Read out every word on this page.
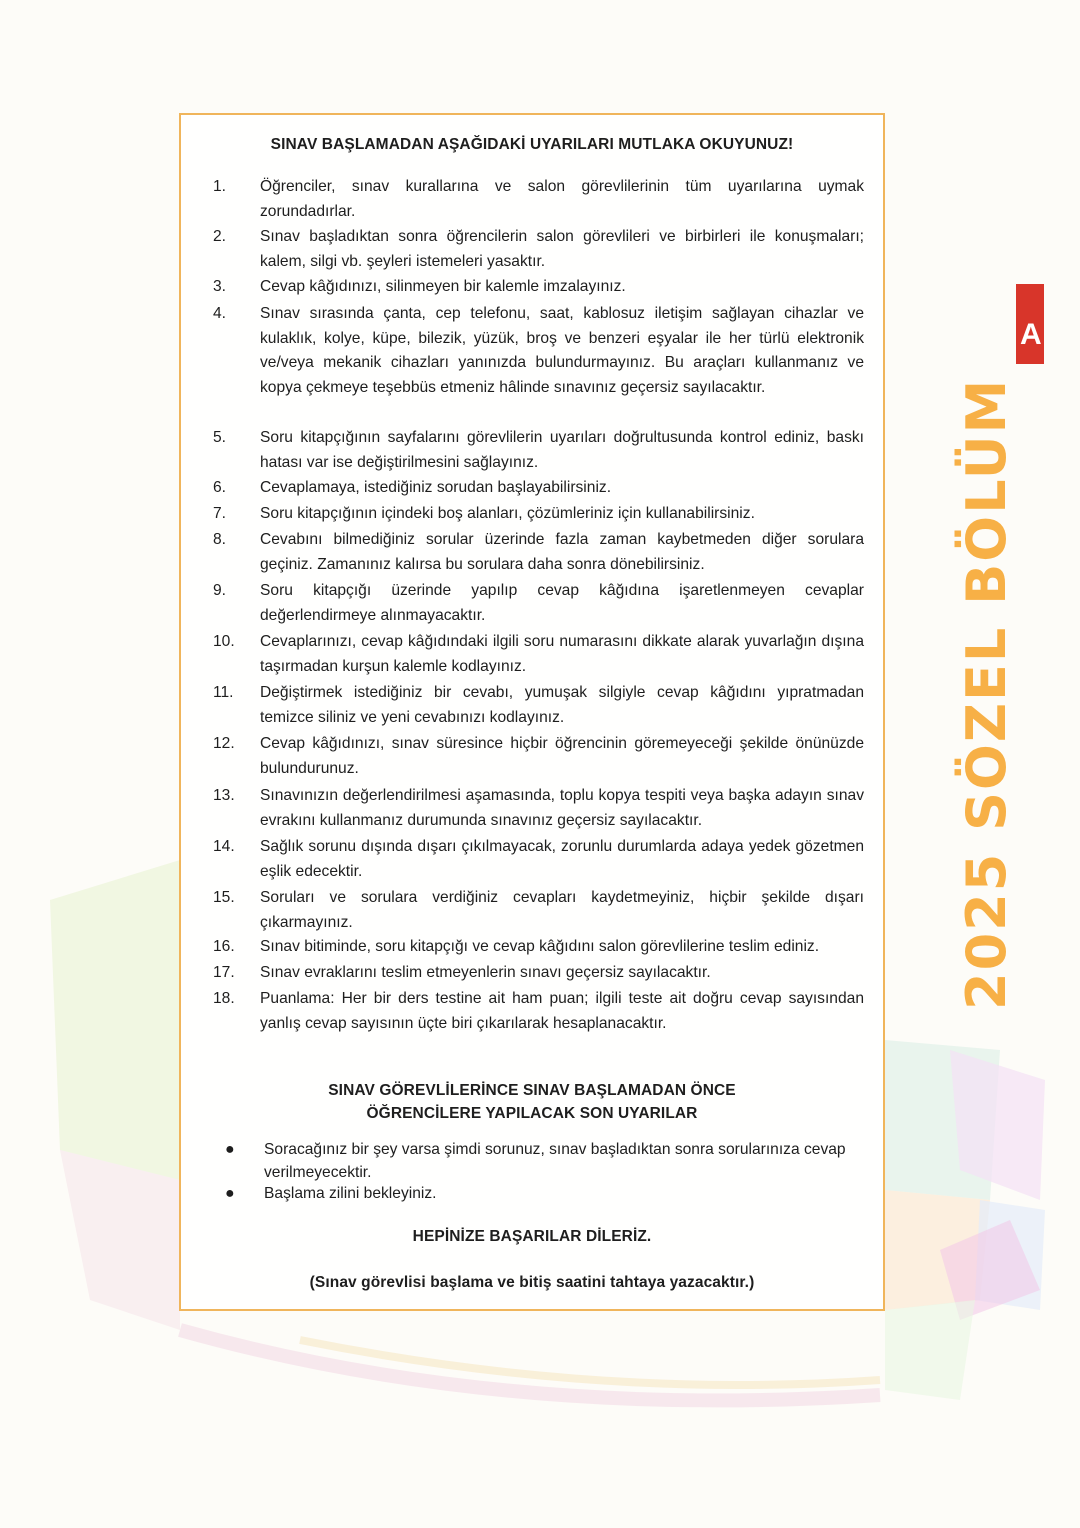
A
2025 SÖZEL BÖLÜM
SINAV BAŞLAMADAN AŞAĞIDAKİ UYARILARI MUTLAKA OKUYUNUZ!
1.	Öğrenciler, sınav kurallarına ve salon görevlilerinin tüm uyarılarına uymak zorundadırlar.
2.	Sınav başladıktan sonra öğrencilerin salon görevlileri ve birbirleri ile konuşmaları; kalem, silgi vb. şeyleri istemeleri yasaktır.
3.	Cevap kâğıdınızı, silinmeyen bir kalemle imzalayınız.
4.	Sınav sırasında çanta, cep telefonu, saat, kablosuz iletişim sağlayan cihazlar ve kulaklık, kolye, küpe, bilezik, yüzük, broş ve benzeri eşyalar ile her türlü elektronik ve/veya mekanik cihazları yanınızda bulundurmayınız. Bu araçları kullanmanız ve kopya çekmeye teşebbüs etmeniz hâlinde sınavınız geçersiz sayılacaktır.
5.	Soru kitapçığının sayfalarını görevlilerin uyarıları doğrultusunda kontrol ediniz, baskı hatası var ise değiştirilmesini sağlayınız.
6.	Cevaplamaya, istediğiniz sorudan başlayabilirsiniz.
7.	Soru kitapçığının içindeki boş alanları, çözümleriniz için kullanabilirsiniz.
8.	Cevabını bilmediğiniz sorular üzerinde fazla zaman kaybetmeden diğer sorulara geçiniz. Zamanınız kalırsa bu sorulara daha sonra dönebilirsiniz.
9.	Soru kitapçığı üzerinde yapılıp cevap kâğıdına işaretlenmeyen cevaplar değerlendirmeye alınmayacaktır.
10.	Cevaplarınızı, cevap kâğıdındaki ilgili soru numarasını dikkate alarak yuvarlağın dışına taşırmadan kurşun kalemle kodlayınız.
11.	Değiştirmek istediğiniz bir cevabı, yumuşak silgiyle cevap kâğıdını yıpratmadan temizce siliniz ve yeni cevabınızı kodlayınız.
12.	Cevap kâğıdınızı, sınav süresince hiçbir öğrencinin göremeyeceği şekilde önünüzde bulundurunuz.
13.	Sınavınızın değerlendirilmesi aşamasında, toplu kopya tespiti veya başka adayın sınav evrakını kullanmanız durumunda sınavınız geçersiz sayılacaktır.
14.	Sağlık sorunu dışında dışarı çıkılmayacak, zorunlu durumlarda adaya yedek gözetmen eşlik edecektir.
15.	Soruları ve sorulara verdiğiniz cevapları kaydetmeyiniz, hiçbir şekilde dışarı çıkarmayınız.
16.	Sınav bitiminde, soru kitapçığı ve cevap kâğıdını salon görevlilerine teslim ediniz.
17.	Sınav evraklarını teslim etmeyenlerin sınavı geçersiz sayılacaktır.
18.	Puanlama: Her bir ders testine ait ham puan; ilgili teste ait doğru cevap sayısından yanlış cevap sayısının üçte biri çıkarılarak hesaplanacaktır.
SINAV GÖREVLİLERİNCE SINAV BAŞLAMADAN ÖNCE
ÖĞRENCİLERE YAPILACAK SON UYARILAR
● Soracağınız bir şey varsa şimdi sorunuz, sınav başladıktan sonra sorularınıza cevap verilmeyecektir.
● Başlama zilini bekleyiniz.
HEPİNİZE BAŞARILAR DİLERİZ.
(Sınav görevlisi başlama ve bitiş saatini tahtaya yazacaktır.)
